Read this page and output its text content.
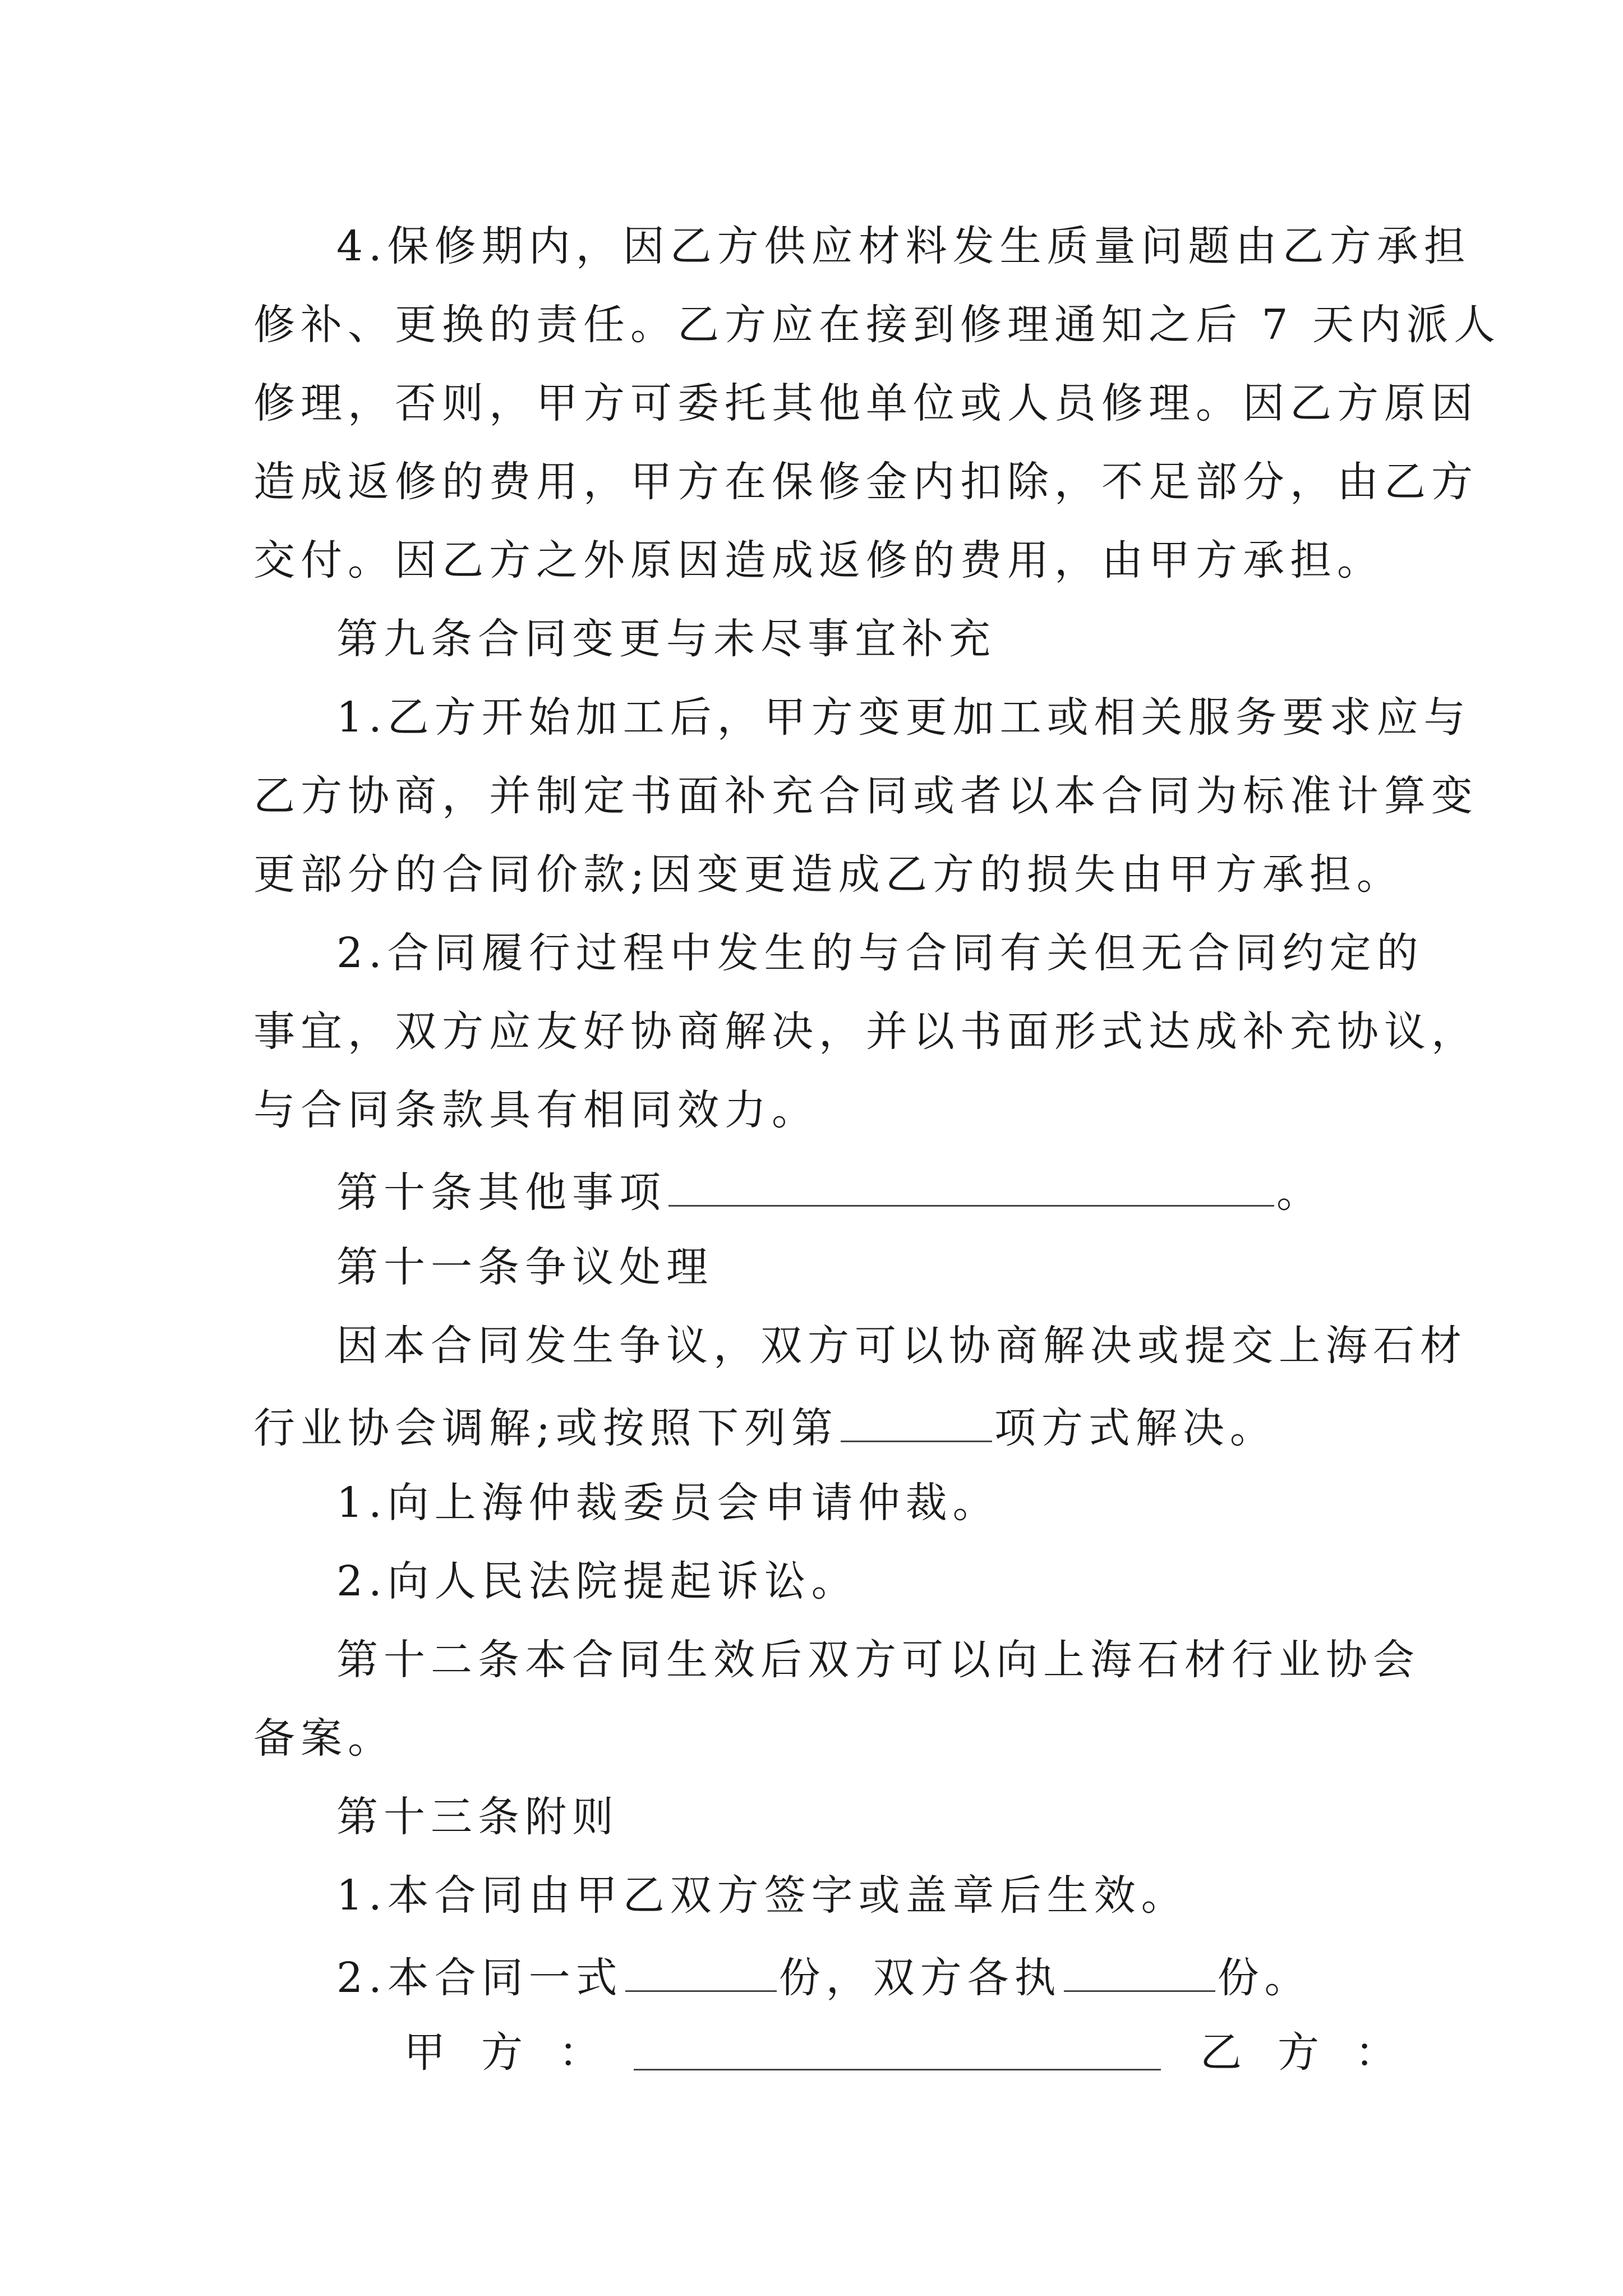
4.保修期内，因乙方供应材料发生质量问题由乙方承担
修补、更换的责任。乙方应在接到修理通知之后 7 天内派人
修理，否则，甲方可委托其他单位或人员修理。因乙方原因
造成返修的费用，甲方在保修金内扣除，不足部分，由乙方
交付。因乙方之外原因造成返修的费用，由甲方承担。
第九条合同变更与未尽事宜补充
1.乙方开始加工后，甲方变更加工或相关服务要求应与
乙方协商，并制定书面补充合同或者以本合同为标准计算变
更部分的合同价款;因变更造成乙方的损失由甲方承担。
2.合同履行过程中发生的与合同有关但无合同约定的
事宜，双方应友好协商解决，并以书面形式达成补充协议，
与合同条款具有相同效力。
第十条其他事项	。
第十一条争议处理
因本合同发生争议，双方可以协商解决或提交上海石材
行业协会调解;或按照下列第	项方式解决。
1.向上海仲裁委员会申请仲裁。
2.向人民法院提起诉讼。
第十二条本合同生效后双方可以向上海石材行业协会
备案。
第十三条附则
1.本合同由甲乙双方签字或盖章后生效。
2.本合同一式	份，双方各执	份。
甲方：	乙方：
